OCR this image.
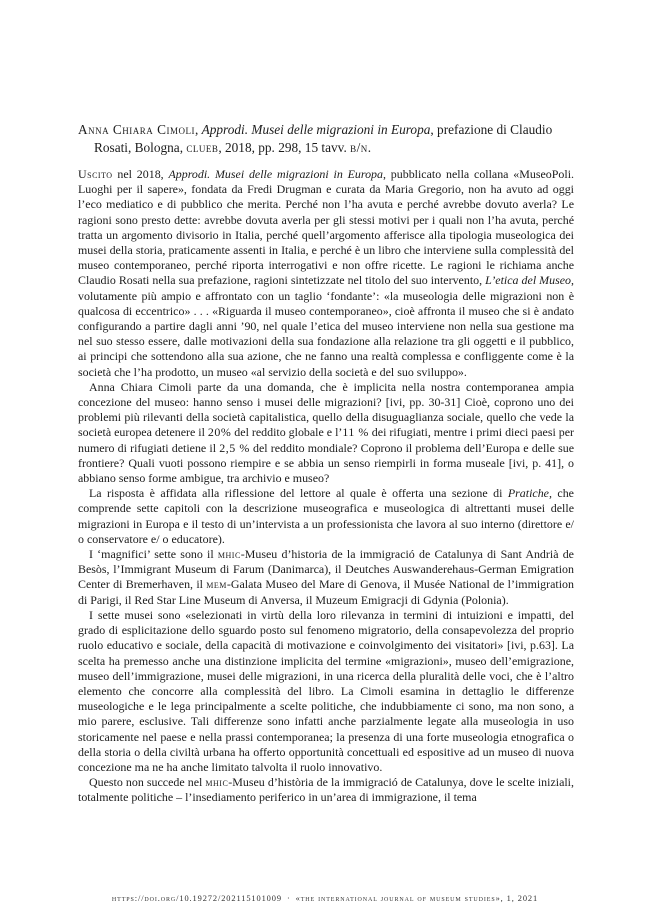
Anna Chiara Cimoli, Approdi. Musei delle migrazioni in Europa, prefazione di Claudio Rosati, Bologna, clueb, 2018, pp. 298, 15 tavv. b/n.

Uscito nel 2018, Approdi. Musei delle migrazioni in Europa, pubblicato nella collana «MuseoPoli. Luoghi per il sapere», fondata da Fredi Drugman e curata da Maria Gregorio, non ha avuto ad oggi l’eco mediatico e di pubblico che merita. Perché non l’ha avuta e perché avrebbe dovuto averla? Le ragioni sono presto dette: avrebbe dovuta averla per gli stessi motivi per i quali non l’ha avuta, perché tratta un argomento divisorio in Italia, perché quell’argomento afferisce alla tipologia museologica dei musei della storia, praticamente assenti in Italia, e perché è un libro che interviene sulla complessità del museo contemporaneo, perché riporta interrogativi e non offre ricette. Le ragioni le richiama anche Claudio Rosati nella sua prefazione, ragioni sintetizzate nel titolo del suo intervento, L’etica del Museo, volutamente più ampio e affrontato con un taglio ‘fondante’: «la museologia delle migrazioni non è qualcosa di eccentrico» . . . «Riguarda il museo contemporaneo», cioè affronta il museo che si è andato configurando a partire dagli anni ’90, nel quale l’etica del museo interviene non nella sua gestione ma nel suo stesso essere, dalle motivazioni della sua fondazione alla relazione tra gli oggetti e il pubblico, ai principi che sottendono alla sua azione, che ne fanno una realtà complessa e confliggente come è la società che l’ha prodotto, un museo «al servizio della società e del suo sviluppo».

Anna Chiara Cimoli parte da una domanda, che è implicita nella nostra contemporanea ampia concezione del museo: hanno senso i musei delle migrazioni? [ivi, pp. 30-31] Cioè, coprono uno dei problemi più rilevanti della società capitalistica, quello della disuguaglianza sociale, quello che vede la società europea detenere il 20% del reddito globale e l’11 % dei rifugiati, mentre i primi dieci paesi per numero di rifugiati detiene il 2,5 % del reddito mondiale? Coprono il problema dell’Europa e delle sue frontiere? Quali vuoti possono riempire e se abbia un senso riempirli in forma museale [ivi, p. 41], o abbiano senso forme ambigue, tra archivio e museo?

La risposta è affidata alla riflessione del lettore al quale è offerta una sezione di Pratiche, che comprende sette capitoli con la descrizione museografica e museologica di altrettanti musei delle migrazioni in Europa e il testo di un’intervista a un professionista che lavora al suo interno (direttore e/ o conservatore e/ o educatore).

I ‘magnifici’ sette sono il mhic-Museu d’historia de la immigració de Catalunya di Sant Andrià de Besòs, l’Immigrant Museum di Farum (Danimarca), il Deutches Auswanderehaus-German Emigration Center di Bremerhaven, il mem-Galata Museo del Mare di Genova, il Musée National de l’immigration di Parigi, il Red Star Line Museum di Anversa, il Muzeum Emigracji di Gdynia (Polonia).

I sette musei sono «selezionati in virtù della loro rilevanza in termini di intuizioni e impatti, del grado di esplicitazione dello sguardo posto sul fenomeno migratorio, della consapevolezza del proprio ruolo educativo e sociale, della capacità di motivazione e coinvolgimento dei visitatori» [ivi, p.63]. La scelta ha premesso anche una distinzione implicita del termine «migrazioni», museo dell’emigrazione, museo dell’immigrazione, musei delle migrazioni, in una ricerca della pluralità delle voci, che è l’altro elemento che concorre alla complessità del libro. La Cimoli esamina in dettaglio le differenze museologiche e le lega principalmente a scelte politiche, che indubbiamente ci sono, ma non sono, a mio parere, esclusive. Tali differenze sono infatti anche parzialmente legate alla museologia in uso storicamente nel paese e nella prassi contemporanea; la presenza di una forte museologia etnografica o della storia o della civiltà urbana ha offerto opportunità concettuali ed espositive ad un museo di nuova concezione ma ne ha anche limitato talvolta il ruolo innovativo.

Questo non succede nel mhic-Museu d’història de la immigració de Catalunya, dove le scelte iniziali, totalmente politiche – l’insediamento periferico in un’area di immigrazione, il tema

https://doi.org/10.19272/202115101009 · «the international journal of museum studies», 1, 2021
